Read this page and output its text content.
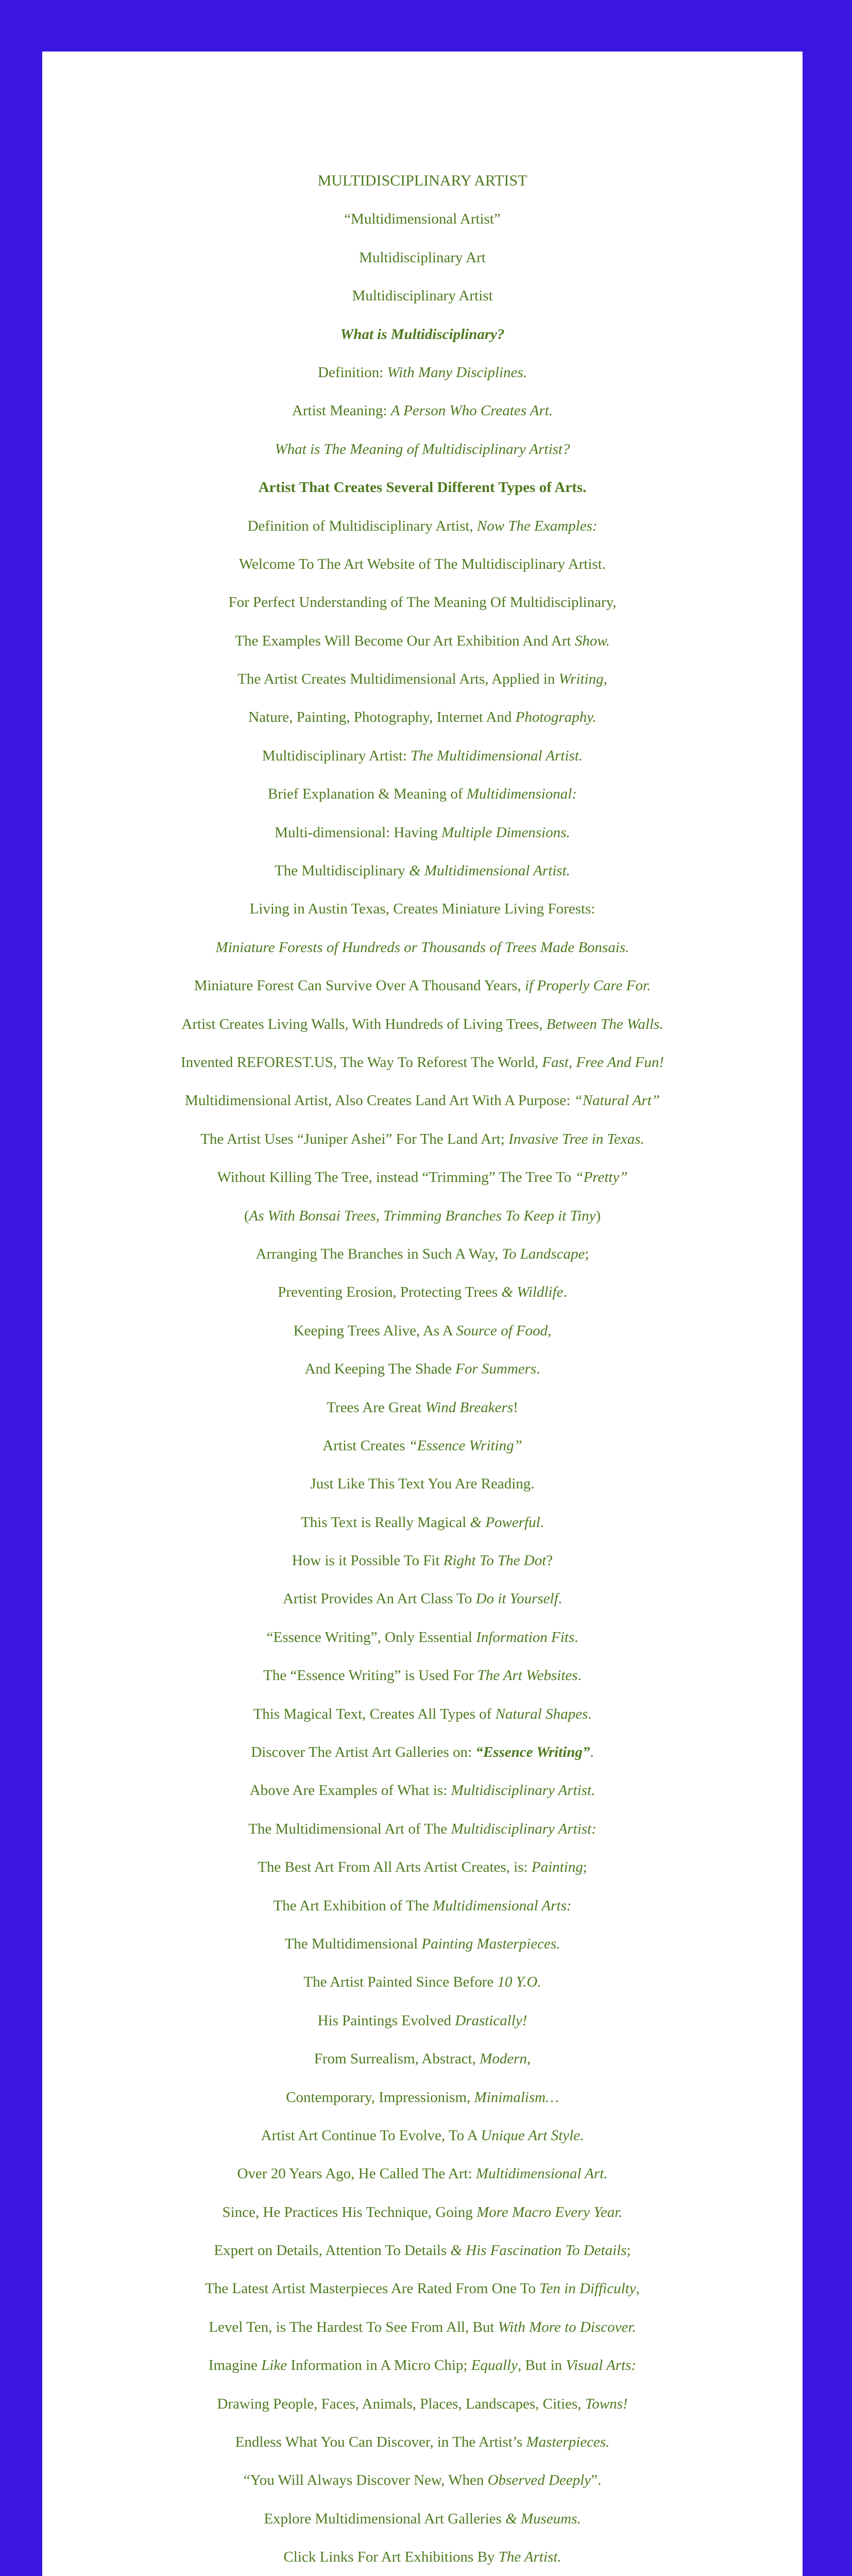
MULTIDISCIPLINARY ARTIST
“Multidimensional Artist”
Multidisciplinary Art
Multidisciplinary Artist
What is Multidisciplinary?
Definition: With Many Disciplines.
Artist Meaning: A Person Who Creates Art.
What is The Meaning of Multidisciplinary Artist?
Artist That Creates Several Different Types of Arts.
Definition of Multidisciplinary Artist, Now The Examples:
Welcome To The Art Website of The Multidisciplinary Artist.
For Perfect Understanding of The Meaning Of Multidisciplinary,
The Examples Will Become Our Art Exhibition And Art Show.
The Artist Creates Multidimensional Arts, Applied in Writing,
Nature, Painting, Photography, Internet And Photography.
Multidisciplinary Artist: The Multidimensional Artist.
Brief Explanation & Meaning of Multidimensional:
Multi-dimensional: Having Multiple Dimensions.
The Multidisciplinary & Multidimensional Artist.
Living in Austin Texas, Creates Miniature Living Forests:
Miniature Forests of Hundreds or Thousands of Trees Made Bonsais.
Miniature Forest Can Survive Over A Thousand Years, if Properly Care For.
Artist Creates Living Walls, With Hundreds of Living Trees, Between The Walls.
Invented REFOREST.US, The Way To Reforest The World, Fast, Free And Fun!
Multidimensional Artist, Also Creates Land Art With A Purpose: “Natural Art”
The Artist Uses “Juniper Ashei” For The Land Art; Invasive Tree in Texas.
Without Killing The Tree, instead “Trimming” The Tree To “Pretty”
(As With Bonsai Trees, Trimming Branches To Keep it Tiny)
Arranging The Branches in Such A Way, To Landscape;
Preventing Erosion, Protecting Trees & Wildlife.
Keeping Trees Alive, As A Source of Food,
And Keeping The Shade For Summers.
Trees Are Great Wind Breakers!
Artist Creates “Essence Writing”
Just Like This Text You Are Reading.
This Text is Really Magical & Powerful.
How is it Possible To Fit Right To The Dot?
Artist Provides An Art Class To Do it Yourself.
“Essence Writing”, Only Essential Information Fits.
The “Essence Writing” is Used For The Art Websites.
This Magical Text, Creates All Types of Natural Shapes.
Discover The Artist Art Galleries on: “Essence Writing”.
Above Are Examples of What is: Multidisciplinary Artist.
The Multidimensional Art of The Multidisciplinary Artist:
The Best Art From All Arts Artist Creates, is: Painting;
The Art Exhibition of The Multidimensional Arts:
The Multidimensional Painting Masterpieces.
The Artist Painted Since Before 10 Y.O.
His Paintings Evolved Drastically!
From Surrealism, Abstract, Modern,
Contemporary, Impressionism, Minimalism…
Artist Art Continue To Evolve, To A Unique Art Style.
Over 20 Years Ago, He Called The Art: Multidimensional Art.
Since, He Practices His Technique, Going More Macro Every Year.
Expert on Details, Attention To Details & His Fascination To Details;
The Latest Artist Masterpieces Are Rated From One To Ten in Difficulty,
Level Ten, is The Hardest To See From All, But With More to Discover.
Imagine Like Information in A Micro Chip; Equally, But in Visual Arts:
Drawing People, Faces, Animals, Places, Landscapes, Cities, Towns!
Endless What You Can Discover, in The Artist’s Masterpieces.
“You Will Always Discover New, When Observed Deeply”.
Explore Multidimensional Art Galleries & Museums.
Click Links For Art Exhibitions By The Artist.
